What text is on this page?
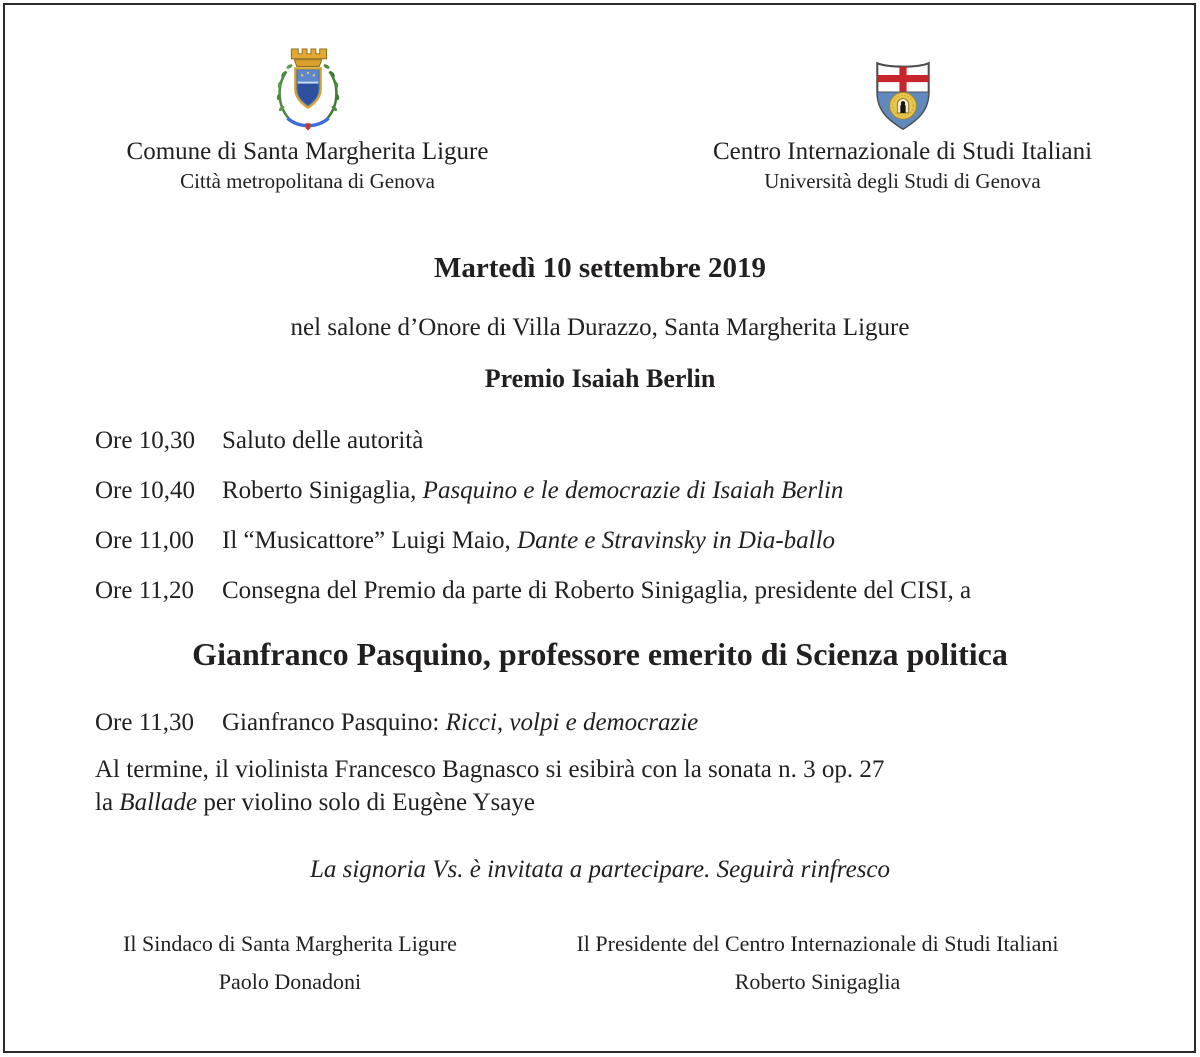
Comune di Santa Margherita Ligure
Città metropolitana di Genova
Centro Internazionale di Studi Italiani
Università degli Studi di Genova
Martedì 10 settembre 2019
nel salone d’Onore di Villa Durazzo, Santa Margherita Ligure
Premio Isaiah Berlin
Ore 10,30	Saluto delle autorità
Ore 10,40	Roberto Sinigaglia, Pasquino e le democrazie di Isaiah Berlin
Ore 11,00	Il “Musicattore” Luigi Maio, Dante e Stravinsky in Dia-ballo
Ore 11,20	Consegna del Premio da parte di Roberto Sinigaglia, presidente del CISI, a
Gianfranco Pasquino, professore emerito di Scienza politica
Ore 11,30	Gianfranco Pasquino: Ricci, volpi e democrazie
Al termine, il violinista Francesco Bagnasco si esibirà con la sonata n. 3 op. 27
la Ballade per violino solo di Eugène Ysaye
La signoria Vs. è invitata a partecipare. Seguirà rinfresco
Il Sindaco di Santa Margherita Ligure
Paolo Donadoni
Il Presidente del Centro Internazionale di Studi Italiani
Roberto Sinigaglia
